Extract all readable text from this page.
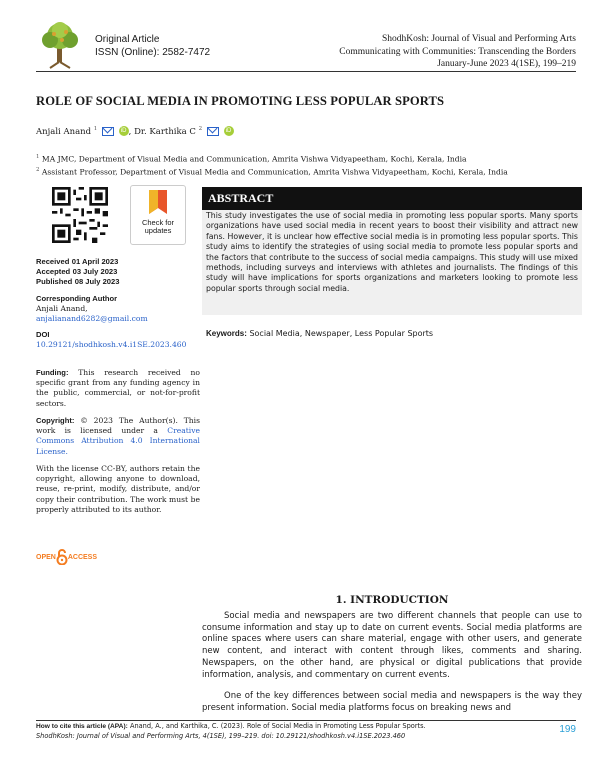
Original Article
ISSN (Online): 2582-7472
ShodhKosh: Journal of Visual and Performing Arts
Communicating with Communities: Transcending the Borders
January-June 2023 4(1SE), 199–219
ROLE OF SOCIAL MEDIA IN PROMOTING LESS POPULAR SPORTS
Anjali Anand $^1$	iD , Dr. Karthika C $^2$	iD
$^1$ MA JMC, Department of Visual Media and Communication, Amrita Vishwa Vidyapeetham, Kochi, Kerala, India
$^2$ Assistant Professor, Department of Visual Media and Communication, Amrita Vishwa Vidyapeetham, Kochi, Kerala, India
Check for
updates
Received 01 April 2023
Accepted 03 July 2023
Published 08 July 2023
Corresponding Author
Anjali Anand,
anjalianand6282@gmail.com
DOI
10.29121/shodhkosh.v4.i1SE.2023.460
Funding: This research received no specific grant from any funding agency in the public, commercial, or not-for-profit sectors.
Copyright: © 2023 The Author(s). This work is licensed under a Creative Commons Attribution 4.0 International License.
With the license CC-BY, authors retain the copyright, allowing anyone to download, reuse, re-print, modify, distribute, and/or copy their contribution. The work must be properly attributed to its author.
OPEN ACCESS
ABSTRACT
This study investigates the use of social media in promoting less popular sports. Many sports organizations have used social media in recent years to boost their visibility and attract new fans. However, it is unclear how effective social media is in promoting less popular sports. This study aims to identify the strategies of using social media to promote less popular sports and the factors that contribute to the success of social media campaigns. This study will use mixed methods, including surveys and interviews with athletes and journalists. The findings of this study will have implications for sports organizations and marketers looking to promote less popular sports through social media.
Keywords: Social Media, Newspaper, Less Popular Sports
1. INTRODUCTION

Social media and newspapers are two different channels that people can use to consume information and stay up to date on current events. Social media platforms are online spaces where users can share material, engage with other users, and generate new content, and interact with content through likes, comments and sharing. Newspapers, on the other hand, are physical or digital publications that provide information, analysis, and commentary on current events.

One of the key differences between social media and newspapers is the way they present information. Social media platforms focus on breaking news and

How to cite this article (APA): Anand, A., and Karthika, C. (2023). Role of Social Media in Promoting Less Popular Sports.
ShodhKosh: Journal of Visual and Performing Arts, 4(1SE), 199–219. doi: 10.29121/shodhkosh.v4.i1SE.2023.460
199
